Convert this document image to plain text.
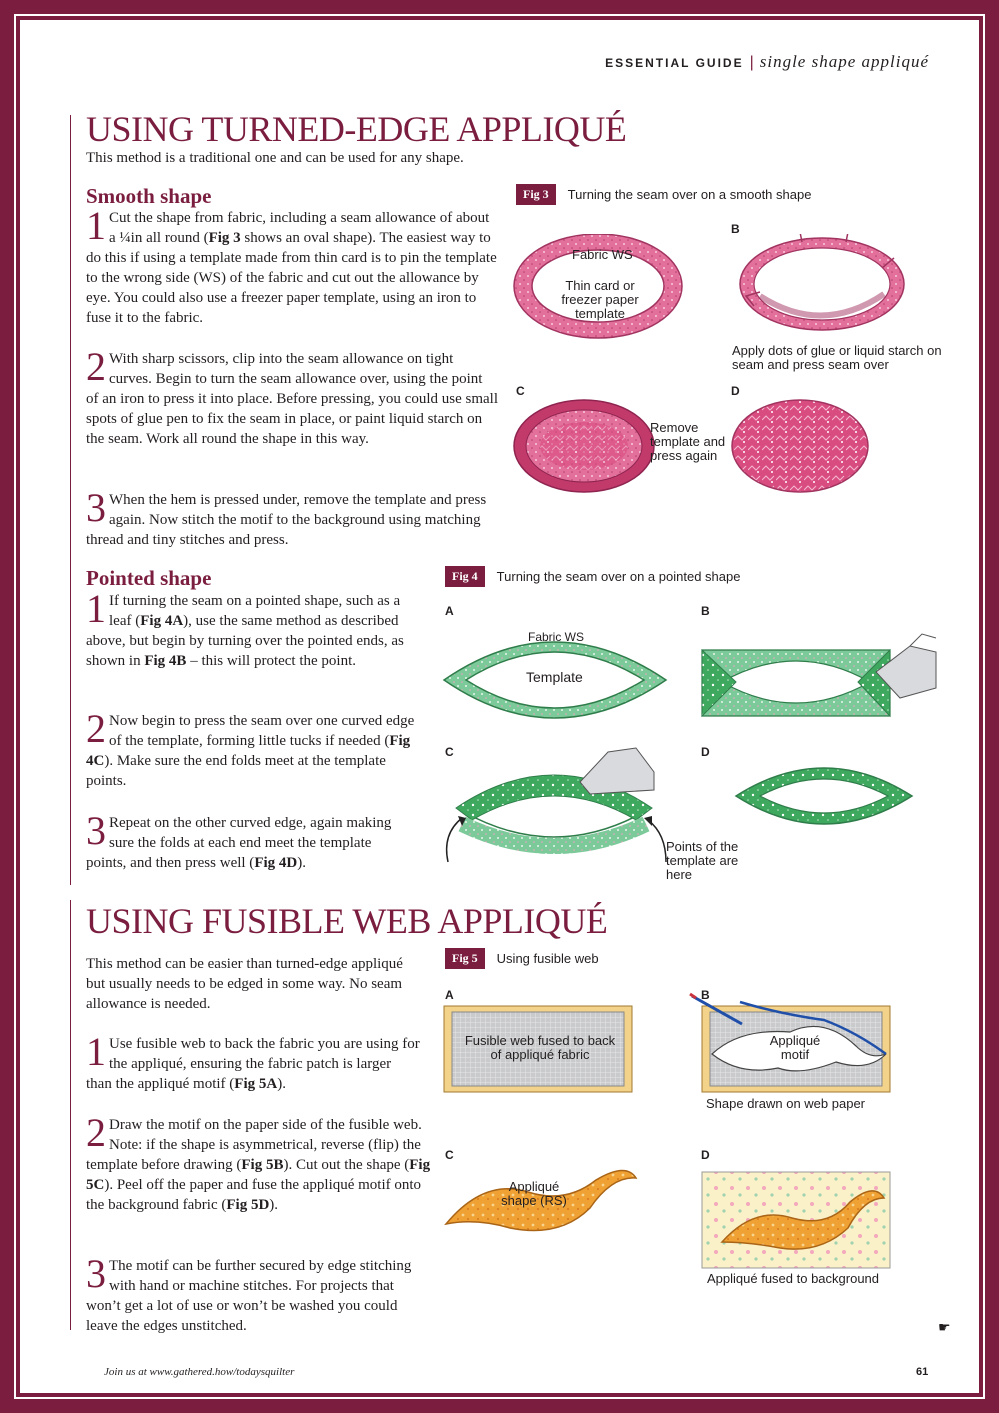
ESSENTIAL GUIDE | single shape appliqué
USING TURNED-EDGE APPLIQUÉ
This method is a traditional one and can be used for any shape.
Smooth shape
1 Cut the shape from fabric, including a seam allowance of about a ¼in all round (Fig 3 shows an oval shape). The easiest way to do this if using a template made from thin card is to pin the template to the wrong side (WS) of the fabric and cut out the allowance by eye. You could also use a freezer paper template, using an iron to fuse it to the fabric.
2 With sharp scissors, clip into the seam allowance on tight curves. Begin to turn the seam allowance over, using the point of an iron to press it into place. Before pressing, you could use small spots of glue pen to fix the seam in place, or paint liquid starch on the seam. Work all round the shape in this way.
3 When the hem is pressed under, remove the template and press again. Now stitch the motif to the background using matching thread and tiny stitches and press.
Pointed shape
1 If turning the seam on a pointed shape, such as a leaf (Fig 4A), use the same method as described above, but begin by turning over the pointed ends, as shown in Fig 4B – this will protect the point.
2 Now begin to press the seam over one curved edge of the template, forming little tucks if needed (Fig 4C). Make sure the end folds meet at the template points.
3 Repeat on the other curved edge, again making sure the folds at each end meet the template points, and then press well (Fig 4D).
Fig 3	Turning the seam over on a smooth shape
B
C	D
Fabric WS
Thin card or freezer paper template
Apply dots of glue or liquid starch on seam and press seam over
Remove template and press again
Fig 4	Turning the seam over on a pointed shape
A	B
C	D
Fabric WS
Template
Points of the template are here
USING FUSIBLE WEB APPLIQUÉ
This method can be easier than turned-edge appliqué but usually needs to be edged in some way. No seam allowance is needed.
1 Use fusible web to back the fabric you are using for the appliqué, ensuring the fabric patch is larger than the appliqué motif (Fig 5A).
2 Draw the motif on the paper side of the fusible web. Note: if the shape is asymmetrical, reverse (flip) the template before drawing (Fig 5B). Cut out the shape (Fig 5C). Peel off the paper and fuse the appliqué motif onto the background fabric (Fig 5D).
3 The motif can be further secured by edge stitching with hand or machine stitches. For projects that won’t get a lot of use or won’t be washed you could leave the edges unstitched.
Fig 5	Using fusible web
A	B
C	D
Fusible web fused to back of appliqué fabric
Appliqué motif
Shape drawn on web paper
Appliqué shape (RS)
Appliqué fused to background
Join us at www.gathered.how/todaysquilter	61
☛
